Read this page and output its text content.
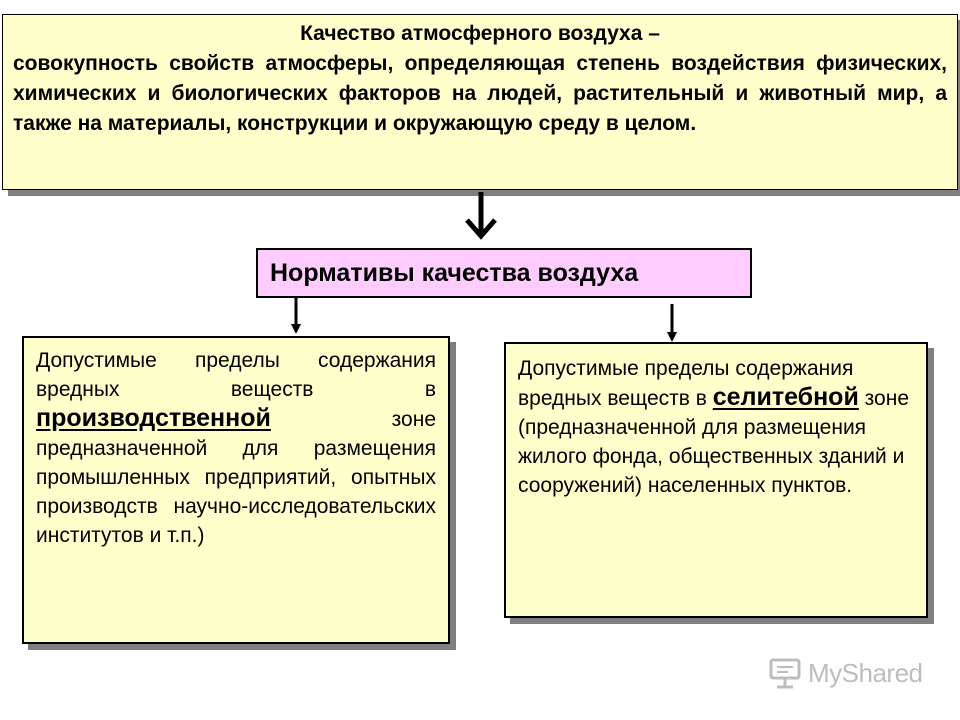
Качество атмосферного воздуха –
совокупность свойств атмосферы, определяющая степень воздействия физических, химических и биологических факторов на людей, растительный и животный мир, а также на материалы, конструкции и окружающую среду в целом.
Нормативы качества воздуха
Допустимые пределы содержания вредных веществ в производственной зоне предназначенной для размещения промышленных предприятий, опытных производств научно-исследовательских институтов и т.п.)
Допустимые пределы содержания вредных веществ в селитебной зоне (предназначенной для размещения жилого фонда, общественных зданий и сооружений) населенных пунктов.
MyShared
